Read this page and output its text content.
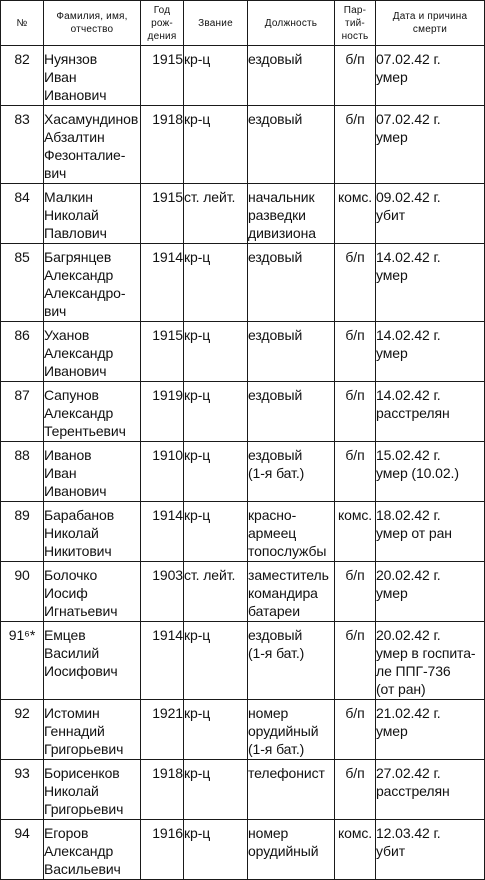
№	Фамилия, имя,
отчество	Год
рож-
дения	Звание	Должность	Пар-
тий-
ность	Дата и причина
смерти

82	Нуянзов
Иван
Иванович	1915	кр-ц	ездовый	б/п	07.02.42 г.
умер

83	Хасамундинов
Абзалтин
Фезонталие-
вич	1918	кр-ц	ездовый	б/п	07.02.42 г.
умер

84	Малкин
Николай
Павлович	1915	ст. лейт.	начальник
разведки
дивизиона	комс.	09.02.42 г.
убит

85	Багрянцев
Александр
Александро-
вич	1914	кр-ц	ездовый	б/п	14.02.42 г.
умер

86	Уханов
Александр
Иванович	1915	кр-ц	ездовый	б/п	14.02.42 г.
умер

87	Сапунов
Александр
Терентьевич	1919	кр-ц	ездовый	б/п	14.02.42 г.
расстрелян

88	Иванов
Иван
Иванович	1910	кр-ц	ездовый
(1-я бат.)	б/п	15.02.42 г.
умер (10.02.)

89	Барабанов
Николай
Никитович	1914	кр-ц	красно-
армеец
топослужбы	комс.	18.02.42 г.
умер от ран

90	Болочко
Иосиф
Игнатьевич	1903	ст. лейт.	заместитель
командира
батареи	б/п	20.02.42 г.
умер

91⁶*	Емцев
Василий
Иосифович	1914	кр-ц	ездовый
(1-я бат.)	б/п	20.02.42 г.
умер в госпита-
ле ППГ-736
(от ран)

92	Истомин
Геннадий
Григорьевич	1921	кр-ц	номер
орудийный
(1-я бат.)	б/п	21.02.42 г.
умер

93	Борисенков
Николай
Григорьевич	1918	кр-ц	телефонист	б/п	27.02.42 г.
расстрелян

94	Егоров
Александр
Васильевич	1916	кр-ц	номер
орудийный	комс.	12.03.42 г.
убит
